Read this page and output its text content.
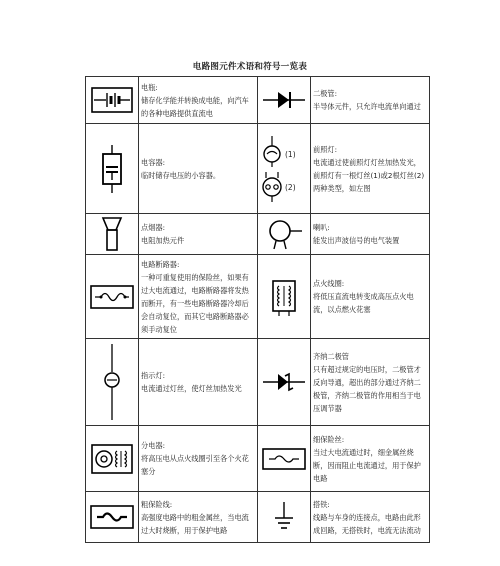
电路图元件术语和符号一览表

电瓶:
储存化学能并转换成电能，向汽车的各种电路提供直流电		二极管:
半导体元件，只允许电流单向通过

电容器:
临时储存电压的小容器。	(1)
(2)	前照灯:
电流通过使前照灯灯丝加热发光，前照灯有一根灯丝(1)或2根灯丝(2)两种类型，如左图

点烟器:
电阻加热元件		喇叭:
能发出声波信号的电气装置

电路断路器:
一种可重复使用的保险丝，如果有过大电流通过，电路断路器将发热而断开，有一些电路断路器冷却后会自动复位，而其它电路断路器必须手动复位		点火线圈:
将低压直流电转变成高压点火电流，以点燃火花塞

指示灯:
电流通过灯丝，使灯丝加热发光		齐纳二极管
只有超过规定的电压时，二极管才反向导通，超出的部分通过齐纳二极管，齐纳二极管的作用相当于电压调节器

分电器:
将高压电从点火线圈引至各个火花塞分		细保险丝:
当过大电流通过时，细金属丝烧断，因而阻止电流通过，用于保护电路

粗保险线:
高强度电路中的粗金属丝，当电流过大时烧断，用于保护电路		搭铁:
线路与车身的连接点，电路由此形成回路，无搭铁时，电流无法流动
